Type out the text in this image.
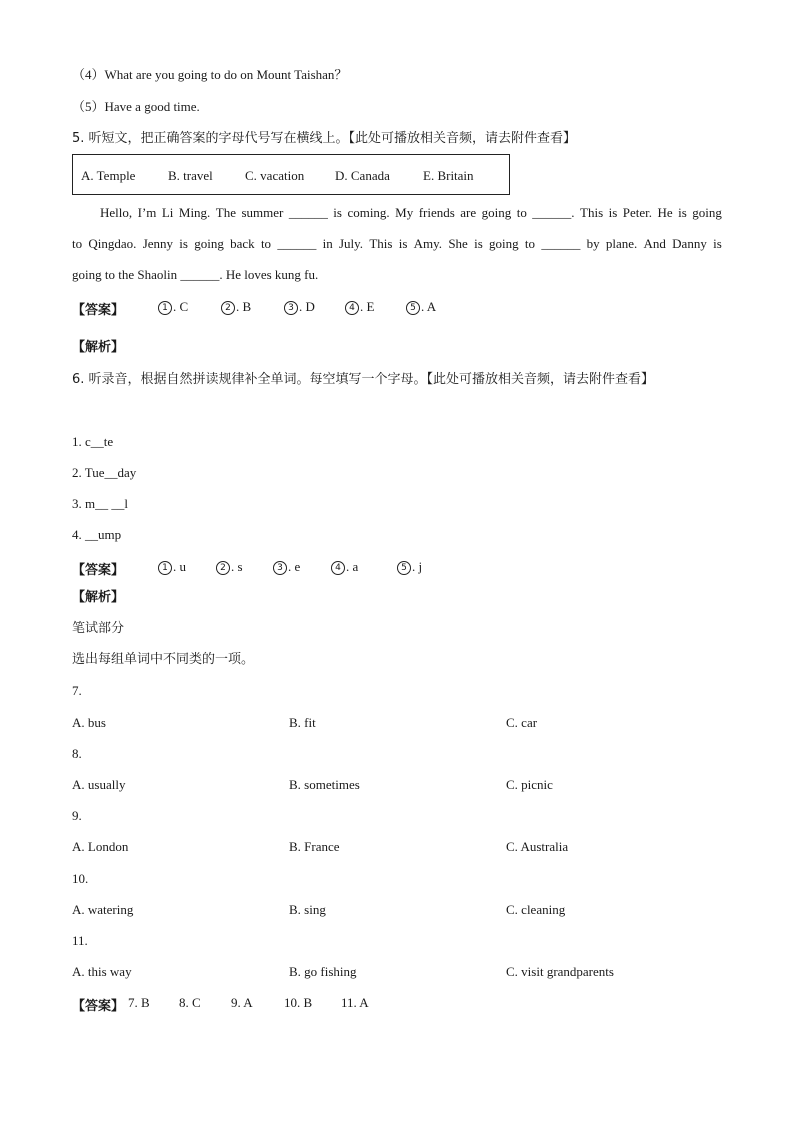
（4）What are you going to do on Mount Taishan？
（5）Have a good time.
5. 听短文，把正确答案的字母代号写在横线上。【此处可播放相关音频，请去附件查看】
A. Temple	B. travel C. vacation D. Canada	E. Britain
Hello, I’m Li Ming. The summer ______ is coming. My friends are going to ______. This is Peter. He is going
to Qingdao. Jenny is going back to ______ in July. This is Amy. She is going to ______ by plane. And Danny is
going to the Shaolin ______. He loves kung fu.
【答案】	1 . C	2 . B	3 . D	4 . E	5 . A
【解析】
6. 听录音，根据自然拼读规律补全单词。每空填写一个字母。【此处可播放相关音频，请去附件查看】
1. c__te
2. Tue__day
3. m__ __l
4. __ump
【答案】	1 . u	2 . s	3 . e	4 . a	5 . j
【解析】
笔试部分
选出每组单词中不同类的一项。
7.
A. bus	B. fit	C. car
8.
A. usually	B. sometimes	C. picnic
9.
A. London	B. France	C. Australia
10.
A. watering	B. sing	C. cleaning
11.
A. this way	B. go fishing	C. visit grandparents
【答案】 7. B 8. C 9. A 10. B 11. A
